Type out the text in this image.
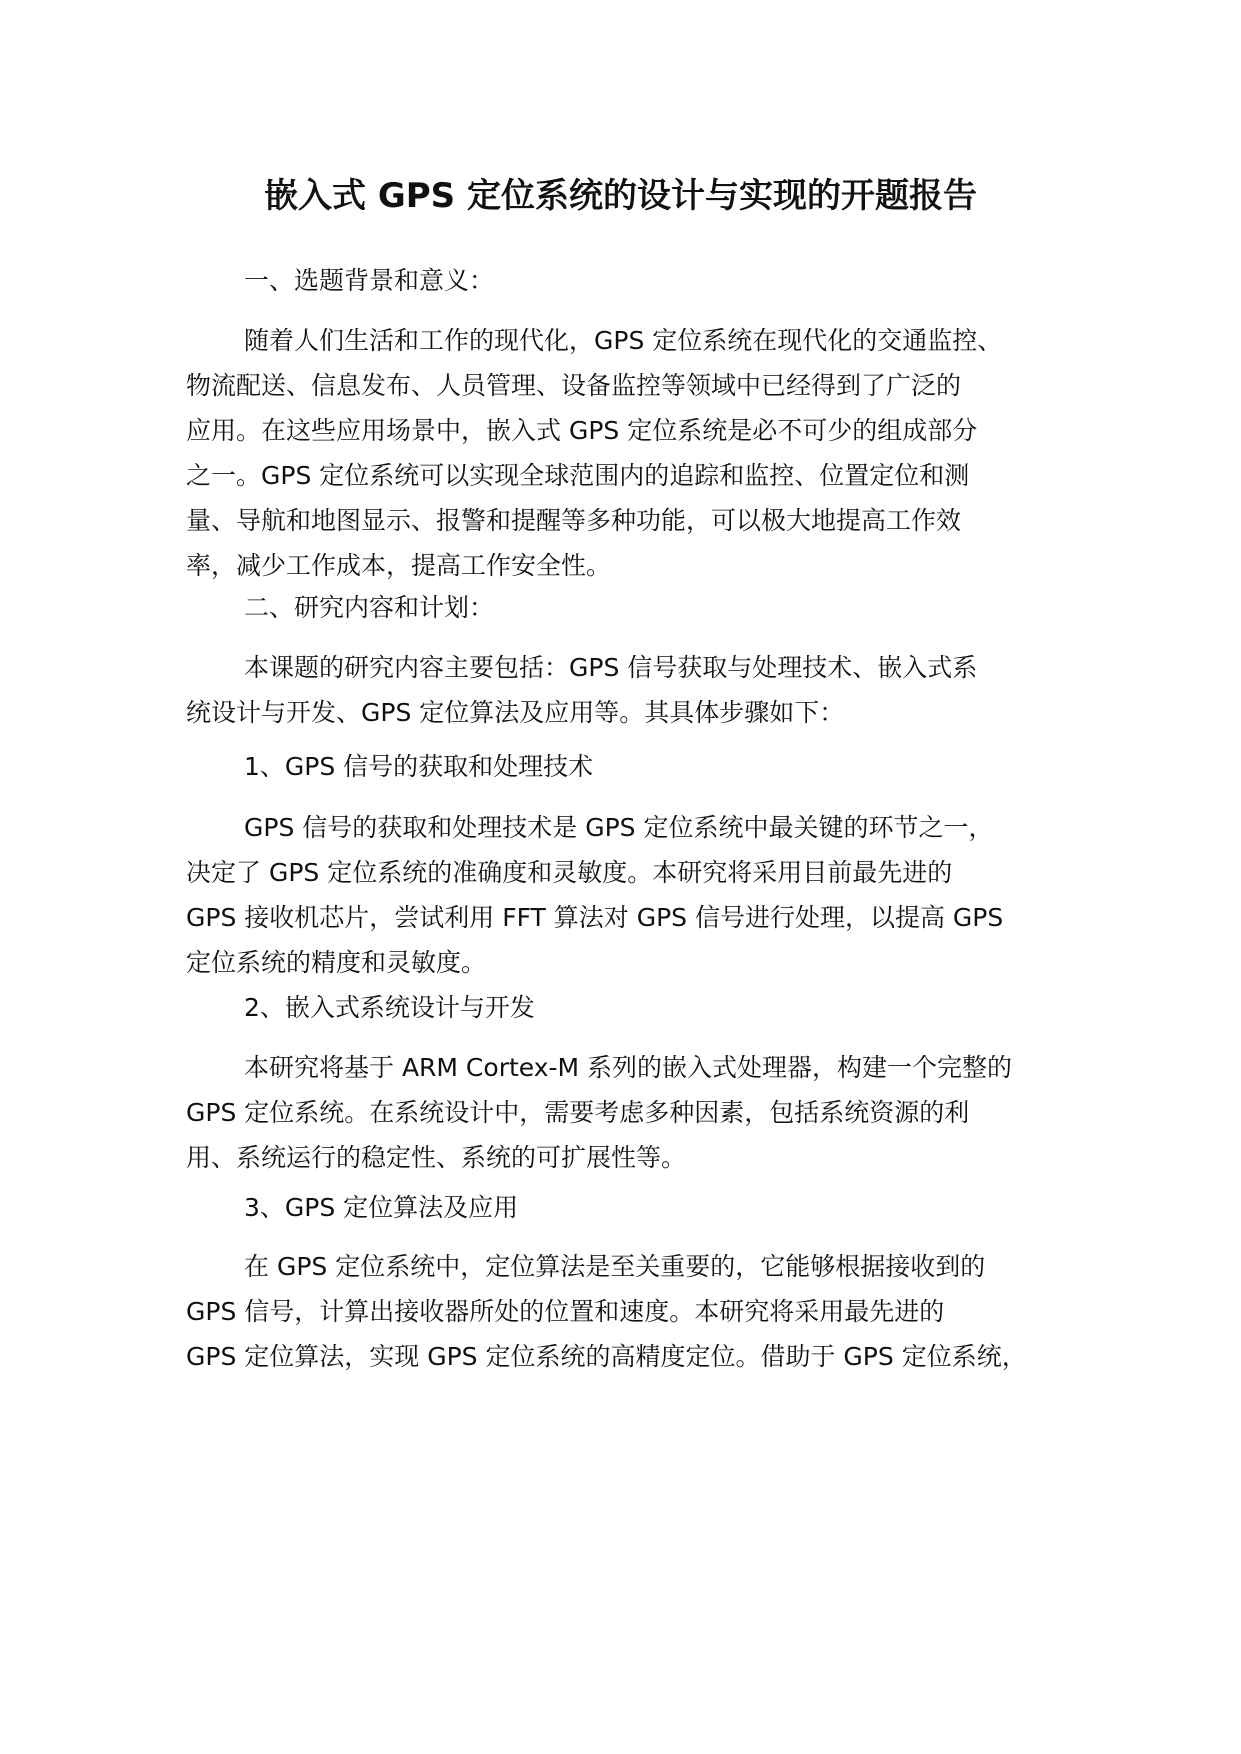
嵌入式 GPS 定位系统的设计与实现的开题报告
一、选题背景和意义：
随着人们生活和工作的现代化，GPS 定位系统在现代化的交通监控、
物流配送、信息发布、人员管理、设备监控等领域中已经得到了广泛的
应用。在这些应用场景中，嵌入式 GPS 定位系统是必不可少的组成部分
之一。GPS 定位系统可以实现全球范围内的追踪和监控、位置定位和测
量、导航和地图显示、报警和提醒等多种功能，可以极大地提高工作效
率，减少工作成本，提高工作安全性。
二、研究内容和计划：
本课题的研究内容主要包括：GPS 信号获取与处理技术、嵌入式系
统设计与开发、GPS 定位算法及应用等。其具体步骤如下：
1、GPS 信号的获取和处理技术
GPS 信号的获取和处理技术是 GPS 定位系统中最关键的环节之一，
决定了 GPS 定位系统的准确度和灵敏度。本研究将采用目前最先进的
GPS 接收机芯片，尝试利用 FFT 算法对 GPS 信号进行处理，以提高 GPS
定位系统的精度和灵敏度。
2、嵌入式系统设计与开发
本研究将基于 ARM Cortex-M 系列的嵌入式处理器，构建一个完整的
GPS 定位系统。在系统设计中，需要考虑多种因素，包括系统资源的利
用、系统运行的稳定性、系统的可扩展性等。
3、GPS 定位算法及应用
在 GPS 定位系统中，定位算法是至关重要的，它能够根据接收到的
GPS 信号，计算出接收器所处的位置和速度。本研究将采用最先进的
GPS 定位算法，实现 GPS 定位系统的高精度定位。借助于 GPS 定位系统，
